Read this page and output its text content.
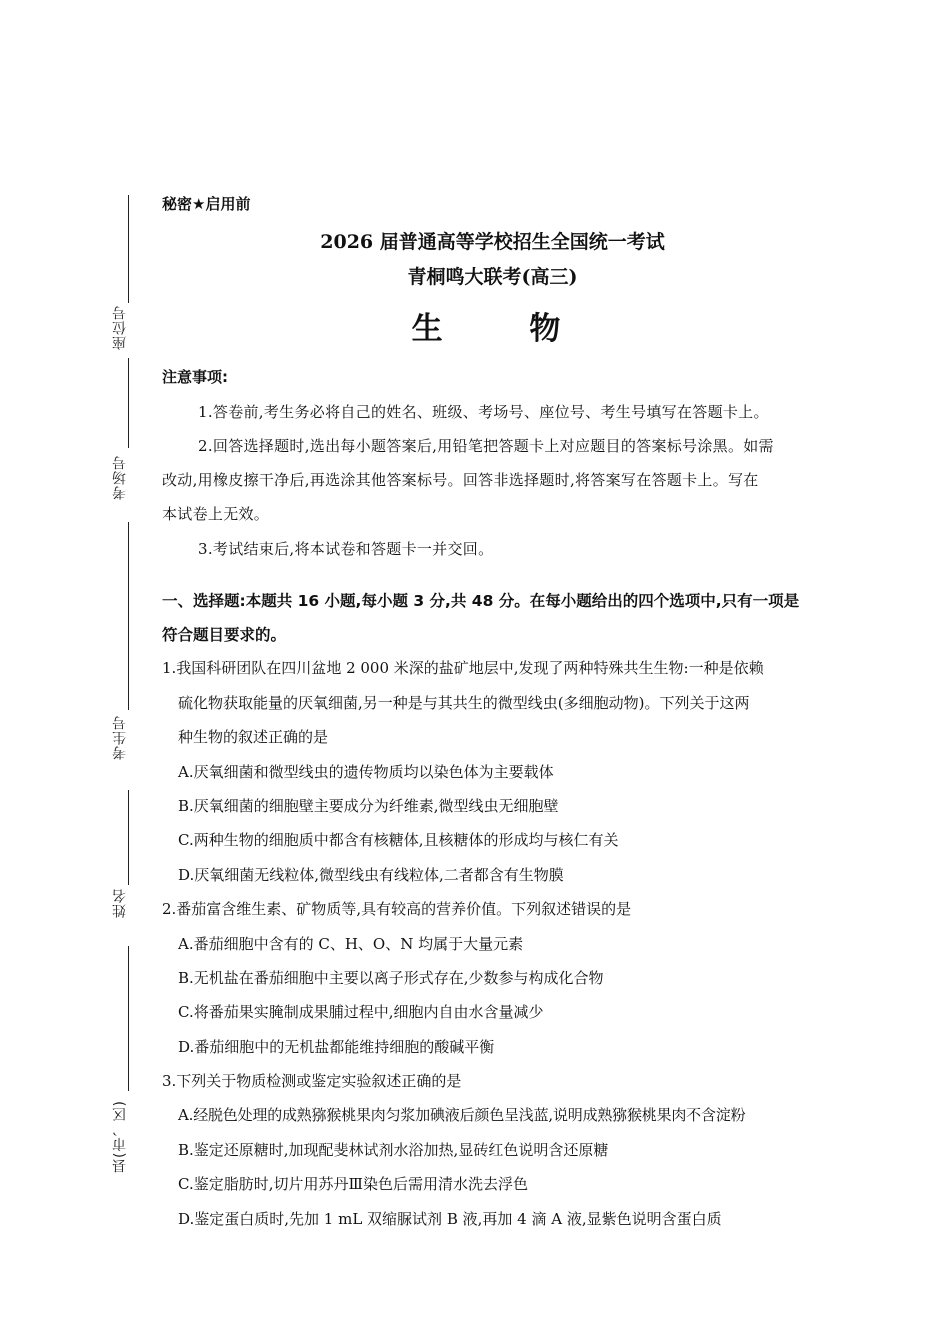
座位号
考场号
考生号
姓名
县(市、区)
秘密★启用前
2026 届普通高等学校招生全国统一考试
青桐鸣大联考(高三)
生 物
注意事项:
1.答卷前,考生务必将自己的姓名、班级、考场号、座位号、考生号填写在答题卡上。
2.回答选择题时,选出每小题答案后,用铅笔把答题卡上对应题目的答案标号涂黑。如需
改动,用橡皮擦干净后,再选涂其他答案标号。回答非选择题时,将答案写在答题卡上。写在
本试卷上无效。
3.考试结束后,将本试卷和答题卡一并交回。
一、选择题:本题共 16 小题,每小题 3 分,共 48 分。在每小题给出的四个选项中,只有一项是
符合题目要求的。
1.我国科研团队在四川盆地 2 000 米深的盐矿地层中,发现了两种特殊共生生物:一种是依赖
硫化物获取能量的厌氧细菌,另一种是与其共生的微型线虫(多细胞动物)。下列关于这两
种生物的叙述正确的是
A.厌氧细菌和微型线虫的遗传物质均以染色体为主要载体
B.厌氧细菌的细胞壁主要成分为纤维素,微型线虫无细胞壁
C.两种生物的细胞质中都含有核糖体,且核糖体的形成均与核仁有关
D.厌氧细菌无线粒体,微型线虫有线粒体,二者都含有生物膜
2.番茄富含维生素、矿物质等,具有较高的营养价值。下列叙述错误的是
A.番茄细胞中含有的 C、H、O、N 均属于大量元素
B.无机盐在番茄细胞中主要以离子形式存在,少数参与构成化合物
C.将番茄果实腌制成果脯过程中,细胞内自由水含量减少
D.番茄细胞中的无机盐都能维持细胞的酸碱平衡
3.下列关于物质检测或鉴定实验叙述正确的是
A.经脱色处理的成熟猕猴桃果肉匀浆加碘液后颜色呈浅蓝,说明成熟猕猴桃果肉不含淀粉
B.鉴定还原糖时,加现配斐林试剂水浴加热,显砖红色说明含还原糖
C.鉴定脂肪时,切片用苏丹Ⅲ染色后需用清水洗去浮色
D.鉴定蛋白质时,先加 1 mL 双缩脲试剂 B 液,再加 4 滴 A 液,显紫色说明含蛋白质
